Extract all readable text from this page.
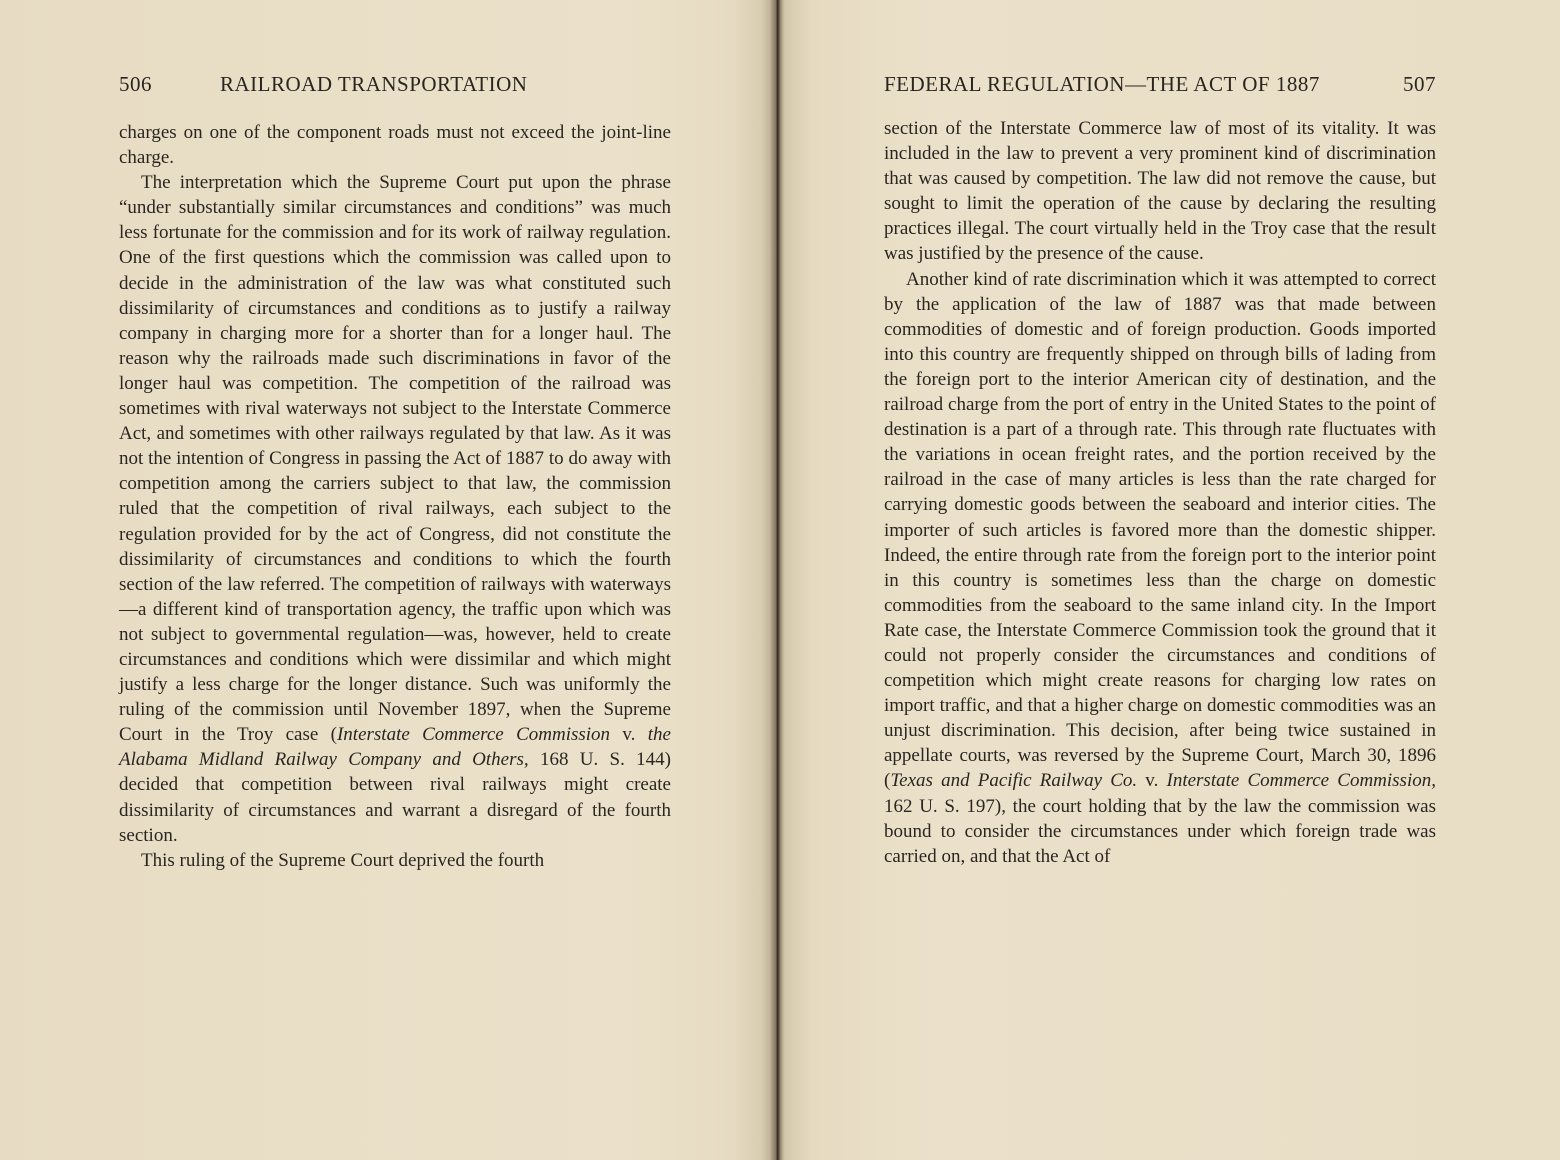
506	RAILROAD TRANSPORTATION

charges on one of the component roads must not exceed the joint-line charge.

The interpretation which the Supreme Court put upon the phrase “under substantially similar circumstances and conditions” was much less fortunate for the commission and for its work of railway regulation. One of the first questions which the commission was called upon to decide in the administration of the law was what constituted such dissimilarity of circumstances and conditions as to justify a railway company in charging more for a shorter than for a longer haul. The reason why the railroads made such discriminations in favor of the longer haul was competition. The competition of the railroad was sometimes with rival waterways not subject to the Interstate Commerce Act, and sometimes with other railways regulated by that law. As it was not the intention of Congress in passing the Act of 1887 to do away with competition among the carriers subject to that law, the commission ruled that the competition of rival railways, each subject to the regulation provided for by the act of Congress, did not constitute the dissimilarity of circumstances and conditions to which the fourth section of the law referred. The competition of railways with waterways—a different kind of transportation agency, the traffic upon which was not subject to governmental regulation—was, however, held to create circumstances and conditions which were dissimilar and which might justify a less charge for the longer distance. Such was uniformly the ruling of the commission until November 1897, when the Supreme Court in the Troy case (Interstate Commerce Commission v. the Alabama Midland Railway Company and Others, 168 U. S. 144) decided that competition between rival railways might create dissimilarity of circumstances and warrant a disregard of the fourth section.

This ruling of the Supreme Court deprived the fourth

FEDERAL REGULATION—THE ACT OF 1887	507

section of the Interstate Commerce law of most of its vitality. It was included in the law to prevent a very prominent kind of discrimination that was caused by competition. The law did not remove the cause, but sought to limit the operation of the cause by declaring the resulting practices illegal. The court virtually held in the Troy case that the result was justified by the presence of the cause.

Another kind of rate discrimination which it was attempted to correct by the application of the law of 1887 was that made between commodities of domestic and of foreign production. Goods imported into this country are frequently shipped on through bills of lading from the foreign port to the interior American city of destination, and the railroad charge from the port of entry in the United States to the point of destination is a part of a through rate. This through rate fluctuates with the variations in ocean freight rates, and the portion received by the railroad in the case of many articles is less than the rate charged for carrying domestic goods between the seaboard and interior cities. The importer of such articles is favored more than the domestic shipper. Indeed, the entire through rate from the foreign port to the interior point in this country is sometimes less than the charge on domestic commodities from the seaboard to the same inland city. In the Import Rate case, the Interstate Commerce Commission took the ground that it could not properly consider the circumstances and conditions of competition which might create reasons for charging low rates on import traffic, and that a higher charge on domestic commodities was an unjust discrimination. This decision, after being twice sustained in appellate courts, was reversed by the Supreme Court, March 30, 1896 (Texas and Pacific Railway Co. v. Interstate Commerce Commission, 162 U. S. 197), the court holding that by the law the commission was bound to consider the circumstances under which foreign trade was carried on, and that the Act of
